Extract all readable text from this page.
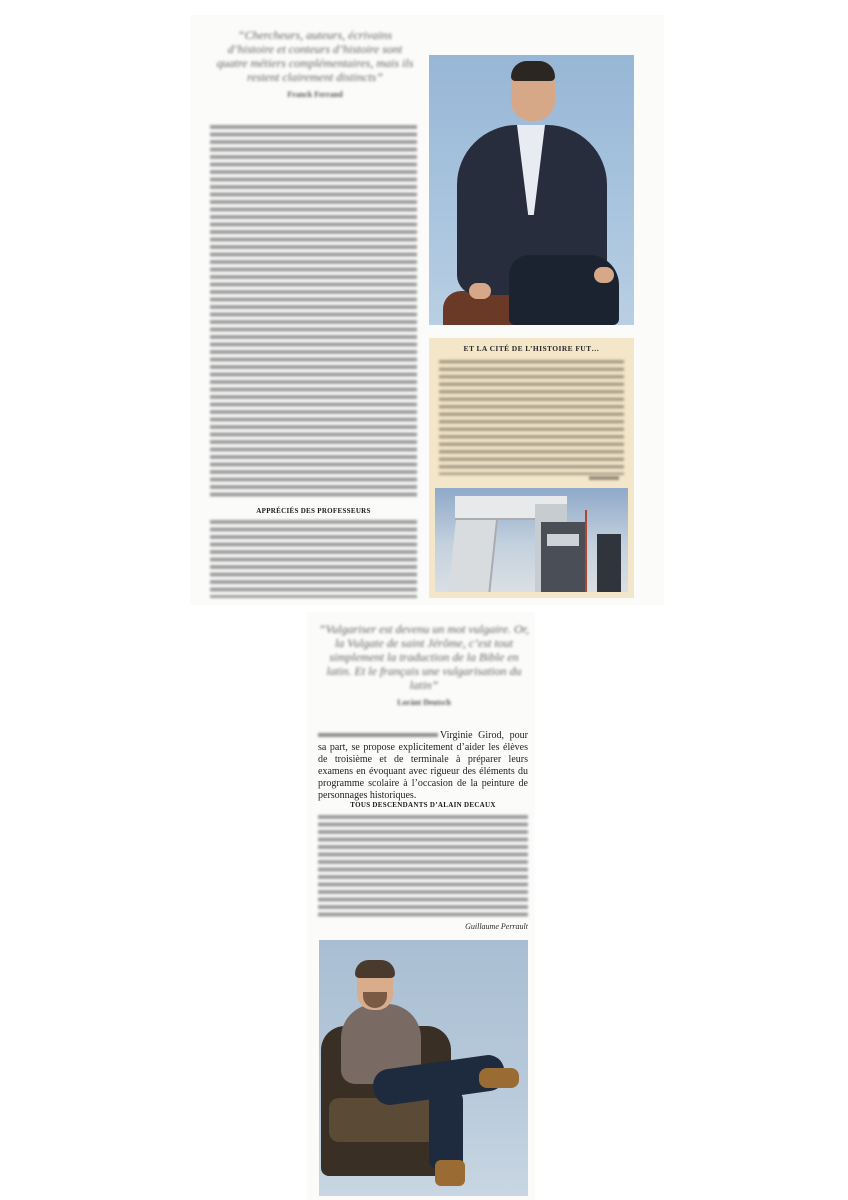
“Chercheurs, auteurs, écrivains d’histoire et conteurs d’histoire sont quatre métiers complémentaires, mais ils restent clairement distincts”
Franck Ferrand
APPRÉCIÉS DES PROFESSEURS
ET LA CITÉ DE L’HISTOIRE FUT…
“Vulgariser est devenu un mot vulgaire. Or, la Vulgate de saint Jérôme, c’est tout simplement la traduction de la Bible en latin. Et le français une vulgarisation du latin”
Lorànt Deutsch
Virginie Girod, pour sa part, se propose explicitement d’aider les élèves de troisième et de terminale à préparer leurs examens en évoquant avec rigueur des éléments du programme scolaire à l’occasion de la peinture de personnages historiques.
TOUS DESCENDANTS D’ALAIN DECAUX
Guillaume Perrault
